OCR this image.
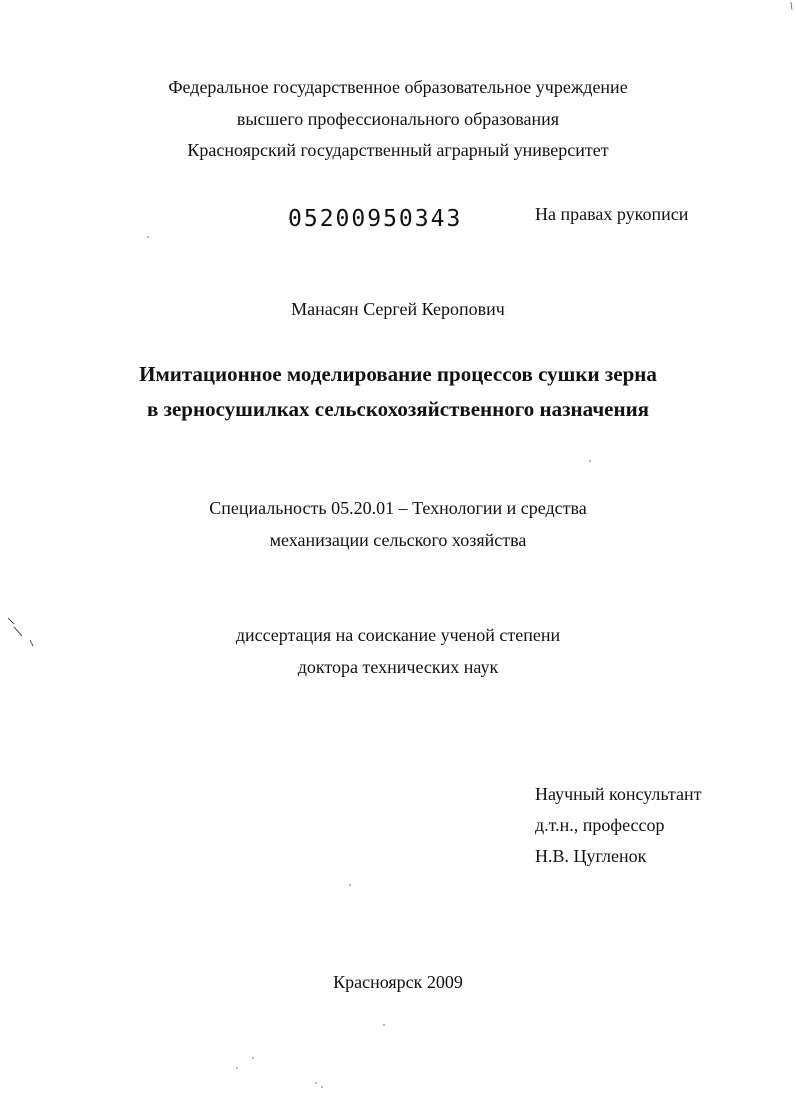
Федеральное государственное образовательное учреждение
высшего профессионального образования
Красноярский государственный аграрный университет
05200950343	На правах рукописи
Манасян Сергей Керопович
Имитационное моделирование процессов сушки зерна
в зерносушилках сельскохозяйственного назначения
Специальность 05.20.01 – Технологии и средства
механизации сельского хозяйства
диссертация на соискание ученой степени
доктора технических наук
Научный консультант
д.т.н., профессор
Н.В. Цугленок
Красноярск 2009
